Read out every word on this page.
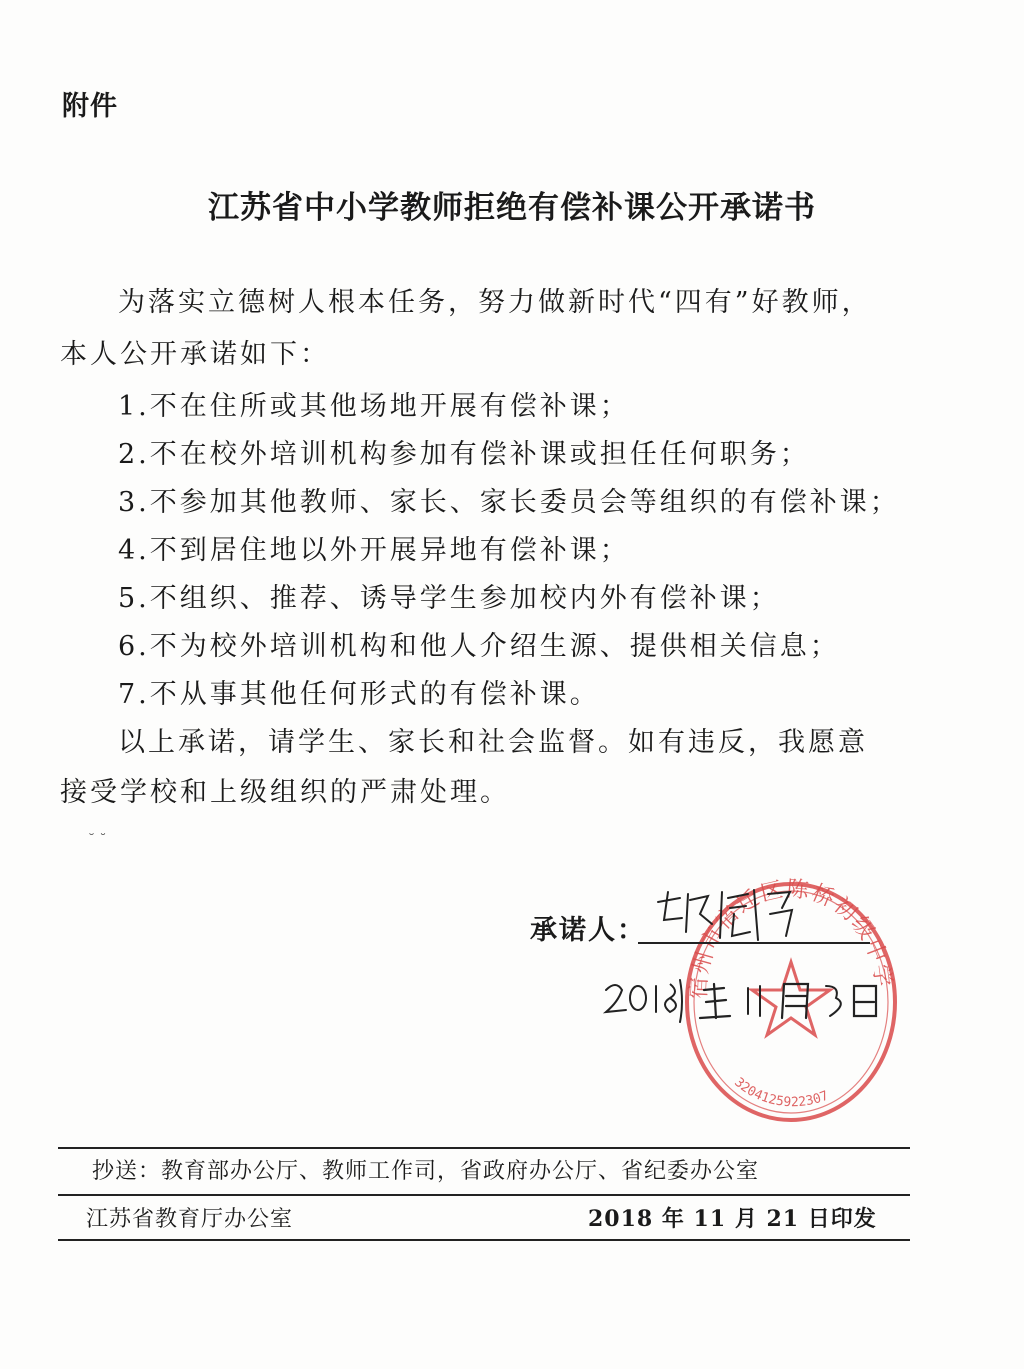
附件
江苏省中小学教师拒绝有偿补课公开承诺书
为落实立德树人根本任务，努力做新时代“四有”好教师，
本人公开承诺如下：
1.不在住所或其他场地开展有偿补课；
2.不在校外培训机构参加有偿补课或担任任何职务；
3.不参加其他教师、家长、家长委员会等组织的有偿补课；
4.不到居住地以外开展异地有偿补课；
5.不组织、推荐、诱导学生参加校内外有偿补课；
6.不为校外培训机构和他人介绍生源、提供相关信息；
7.不从事其他任何形式的有偿补课。
以上承诺，请学生、家长和社会监督。如有违反，我愿意
接受学校和上级组织的严肃处理。
˘ ˘
宿州市宿迁区陈桥初级中学
3204125922307
承诺人：
抄送：教育部办公厅、教师工作司，省政府办公厅、省纪委办公室
江苏省教育厅办公室	2018 年 11 月 21 日印发
